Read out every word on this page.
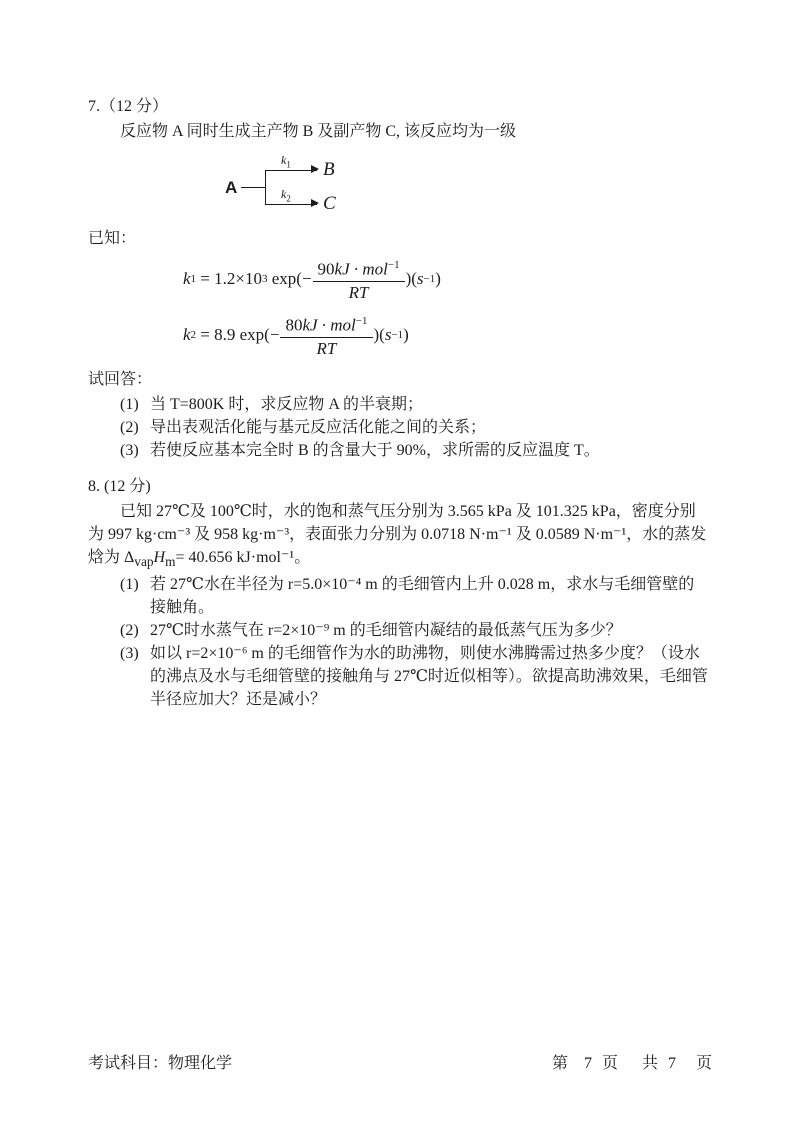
7.（12 分）

反应物 A 同时生成主产物 B 及副产物 C, 该反应均为一级

A
$k_1$ B
$k_2$ C
已知：
k 1 = 1.2×10 3 $\exp(- \frac{90kJ \cdot mol^{-1}}{RT}$ )( s −1 )
k 2 = 8.9 $\exp(- \frac{80kJ \cdot mol^{-1}}{RT}$ )( s −1 )
试回答：
(1) 当 T=800K 时，求反应物 A 的半衰期；
(2) 导出表观活化能与基元反应活化能之间的关系；
(3) 若使反应基本完全时 B 的含量大于 90%，求所需的反应温度 T。
8. (12 分)

已知 27℃及 100℃时，水的饱和蒸气压分别为 3.565 kPa 及 101.325 kPa，密度分别为 997 kg·cm⁻³ 及 958 kg·m⁻³，表面张力分别为 0.0718 N·m⁻¹ 及 0.0589 N·m⁻¹，水的蒸发焓为 $\Delta_{vap}H_m= 40.656$ kJ·mol⁻¹。

(1) 若 27℃水在半径为 r=5.0×10⁻⁴ m 的毛细管内上升 0.028 m，求水与毛细管壁的接触角。
(2) 27℃时水蒸气在 r=2×10⁻⁹ m 的毛细管内凝结的最低蒸气压为多少？
(3) 如以 r=2×10⁻⁶ m 的毛细管作为水的助沸物，则使水沸腾需过热多少度？（设水的沸点及水与毛细管壁的接触角与 27℃时近似相等）。欲提高助沸效果，毛细管半径应加大？还是减小？
考试科目：物理化学	第 7 页 共 7 页
